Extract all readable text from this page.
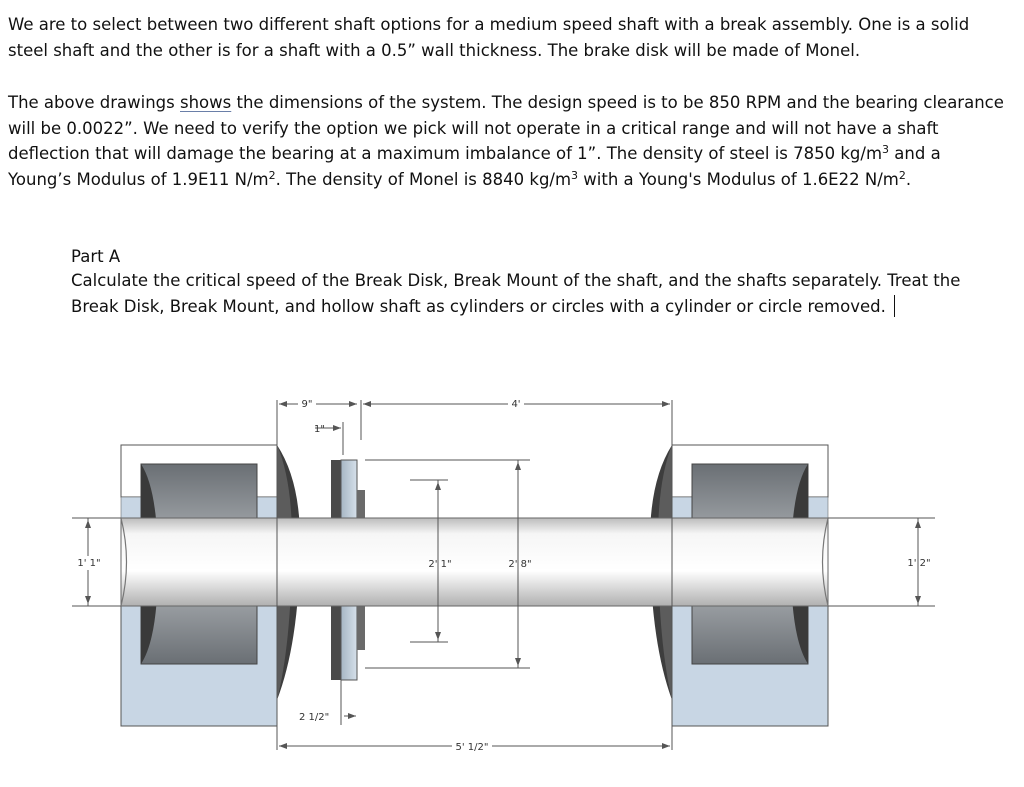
We are to select between two different shaft options for a medium speed shaft with a break assembly. One is a solid steel shaft and the other is for a shaft with a 0.5” wall thickness. The brake disk will be made of Monel.

The above drawings shows the dimensions of the system. The design speed is to be 850 RPM and the bearing clearance will be 0.0022”. We need to verify the option we pick will not operate in a critical range and will not have a shaft deflection that will damage the bearing at a maximum imbalance of 1”. The density of steel is 7850 $kg/m^3$ and a Young’s Modulus of 1.9E11 $N/m^2$. The density of Monel is 8840 $kg/m^3$ with a Young's Modulus of 1.6E22 $N/m^2$.

Part A

Calculate the critical speed of the Break Disk, Break Mount of the shaft, and the shafts separately. Treat the Break Disk, Break Mount, and hollow shaft as cylinders or circles with a cylinder or circle removed.

9"	4'
1"
1' 1"	2' 1"	2' 8"	1' 2"
2 1/2"
5' 1/2"
